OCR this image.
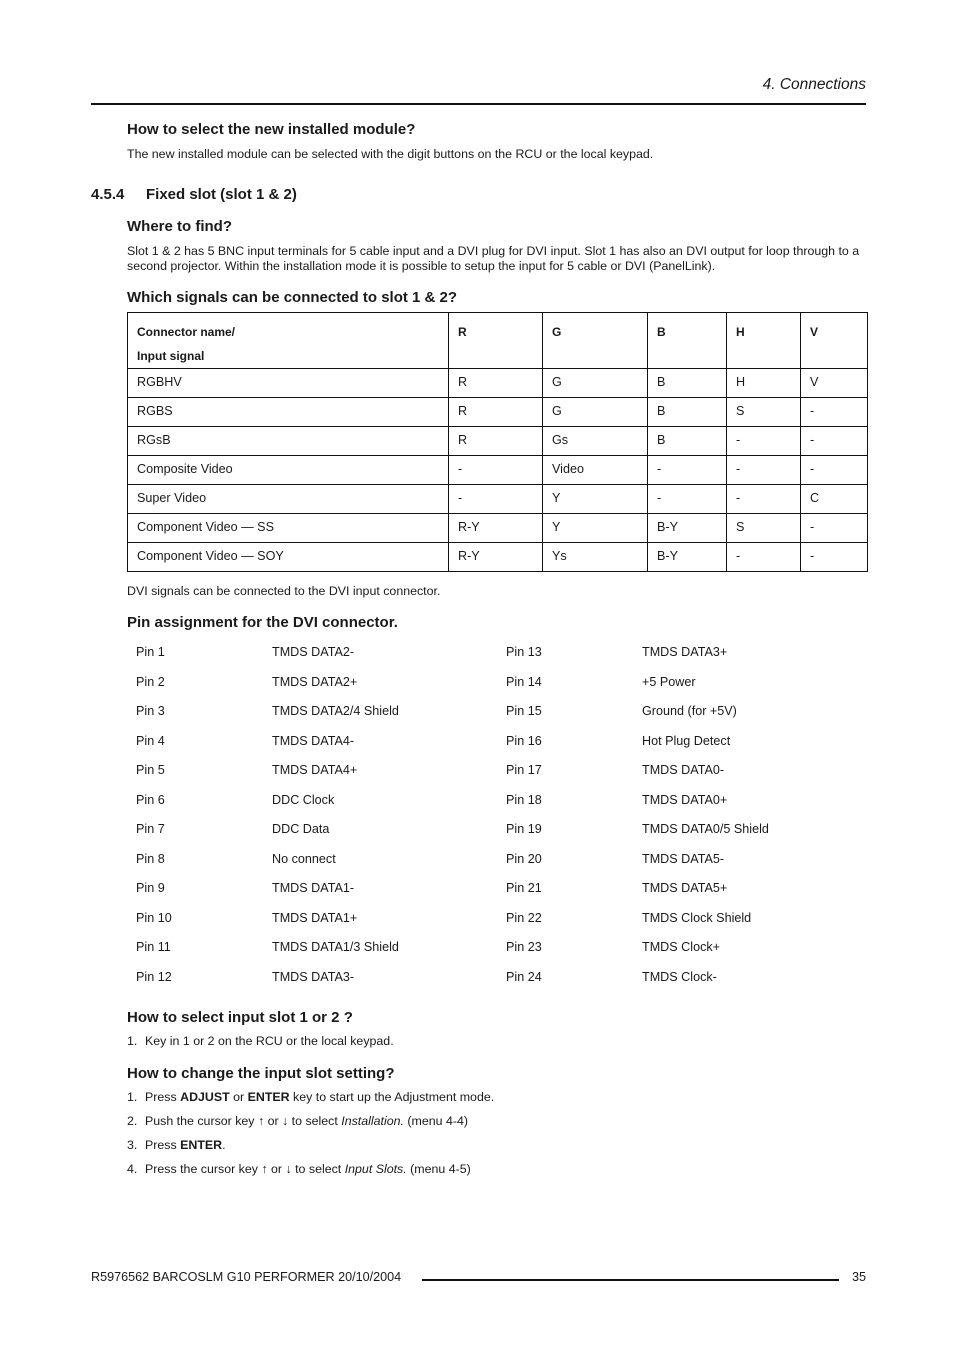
4. Connections
How to select the new installed module?
The new installed module can be selected with the digit buttons on the RCU or the local keypad.
4.5.4 Fixed slot (slot 1 & 2)
Where to find?
Slot 1 & 2 has 5 BNC input terminals for 5 cable input and a DVI plug for DVI input. Slot 1 has also an DVI output for loop through to a second projector. Within the installation mode it is possible to setup the input for 5 cable or DVI (PanelLink).
Which signals can be connected to slot 1 & 2?
Connector name/
Input signal	R	G	B	H	V
RGBHV	R	G	B	H	V
RGBS	R	G	B	S	-
RGsB	R	Gs	B	-	-
Composite Video	-	Video	-	-	-
Super Video	-	Y	-	-	C
Component Video — SS	R-Y	Y	B-Y	S	-
Component Video — SOY	R-Y	Ys	B-Y	-	-
DVI signals can be connected to the DVI input connector.
Pin assignment for the DVI connector.
Pin 1	TMDS DATA2-	Pin 13	TMDS DATA3+
Pin 2	TMDS DATA2+	Pin 14	+5 Power
Pin 3	TMDS DATA2/4 Shield	Pin 15	Ground (for +5V)
Pin 4	TMDS DATA4-	Pin 16	Hot Plug Detect
Pin 5	TMDS DATA4+	Pin 17	TMDS DATA0-
Pin 6	DDC Clock	Pin 18	TMDS DATA0+
Pin 7	DDC Data	Pin 19	TMDS DATA0/5 Shield
Pin 8	No connect	Pin 20	TMDS DATA5-
Pin 9	TMDS DATA1-	Pin 21	TMDS DATA5+
Pin 10	TMDS DATA1+	Pin 22	TMDS Clock Shield
Pin 11	TMDS DATA1/3 Shield	Pin 23	TMDS Clock+
Pin 12	TMDS DATA3-	Pin 24	TMDS Clock-
How to select input slot 1 or 2 ?
1. Key in 1 or 2 on the RCU or the local keypad.
How to change the input slot setting?
1. Press ADJUST or ENTER key to start up the Adjustment mode.
2. Push the cursor key ↑ or ↓ to select Installation. (menu 4-4)
3. Press ENTER.
4. Press the cursor key ↑ or ↓ to select Input Slots. (menu 4-5)
R5976562 BARCOSLM G10 PERFORMER 20/10/2004	35
